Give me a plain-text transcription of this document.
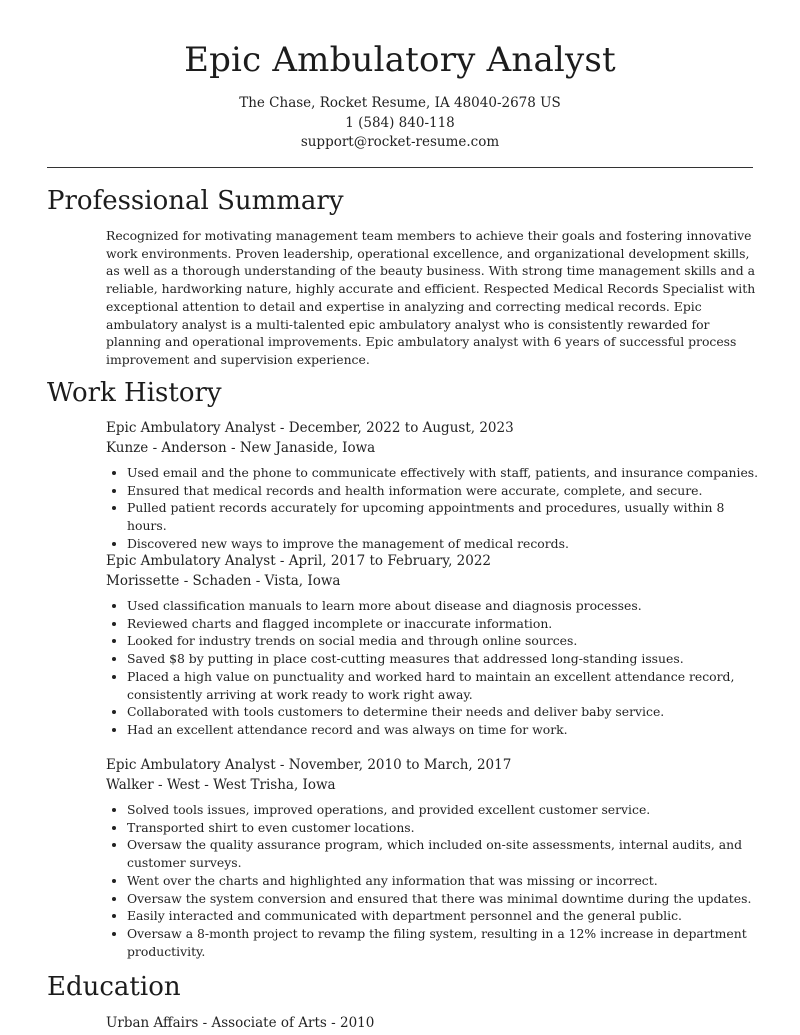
Epic Ambulatory Analyst
The Chase, Rocket Resume, IA 48040-2678 US
1 (584) 840-118
support@rocket-resume.com
Professional Summary
Recognized for motivating management team members to achieve their goals and fostering innovative work environments. Proven leadership, operational excellence, and organizational development skills, as well as a thorough understanding of the beauty business. With strong time management skills and a reliable, hardworking nature, highly accurate and efficient. Respected Medical Records Specialist with exceptional attention to detail and expertise in analyzing and correcting medical records. Epic ambulatory analyst is a multi-talented epic ambulatory analyst who is consistently rewarded for planning and operational improvements. Epic ambulatory analyst with 6 years of successful process improvement and supervision experience.
Work History
Epic Ambulatory Analyst - December, 2022 to August, 2023
Kunze - Anderson - New Janaside, Iowa
• Used email and the phone to communicate effectively with staff, patients, and insurance companies.
• Ensured that medical records and health information were accurate, complete, and secure.
• Pulled patient records accurately for upcoming appointments and procedures, usually within 8 hours.
• Discovered new ways to improve the management of medical records.
Epic Ambulatory Analyst - April, 2017 to February, 2022
Morissette - Schaden - Vista, Iowa
• Used classification manuals to learn more about disease and diagnosis processes.
• Reviewed charts and flagged incomplete or inaccurate information.
• Looked for industry trends on social media and through online sources.
• Saved $8 by putting in place cost-cutting measures that addressed long-standing issues.
• Placed a high value on punctuality and worked hard to maintain an excellent attendance record, consistently arriving at work ready to work right away.
• Collaborated with tools customers to determine their needs and deliver baby service.
• Had an excellent attendance record and was always on time for work.
Epic Ambulatory Analyst - November, 2010 to March, 2017
Walker - West - West Trisha, Iowa
• Solved tools issues, improved operations, and provided excellent customer service.
• Transported shirt to even customer locations.
• Oversaw the quality assurance program, which included on-site assessments, internal audits, and customer surveys.
• Went over the charts and highlighted any information that was missing or incorrect.
• Oversaw the system conversion and ensured that there was minimal downtime during the updates.
• Easily interacted and communicated with department personnel and the general public.
• Oversaw a 8-month project to revamp the filing system, resulting in a 12% increase in department productivity.
Education
Urban Affairs - Associate of Arts - 2010
